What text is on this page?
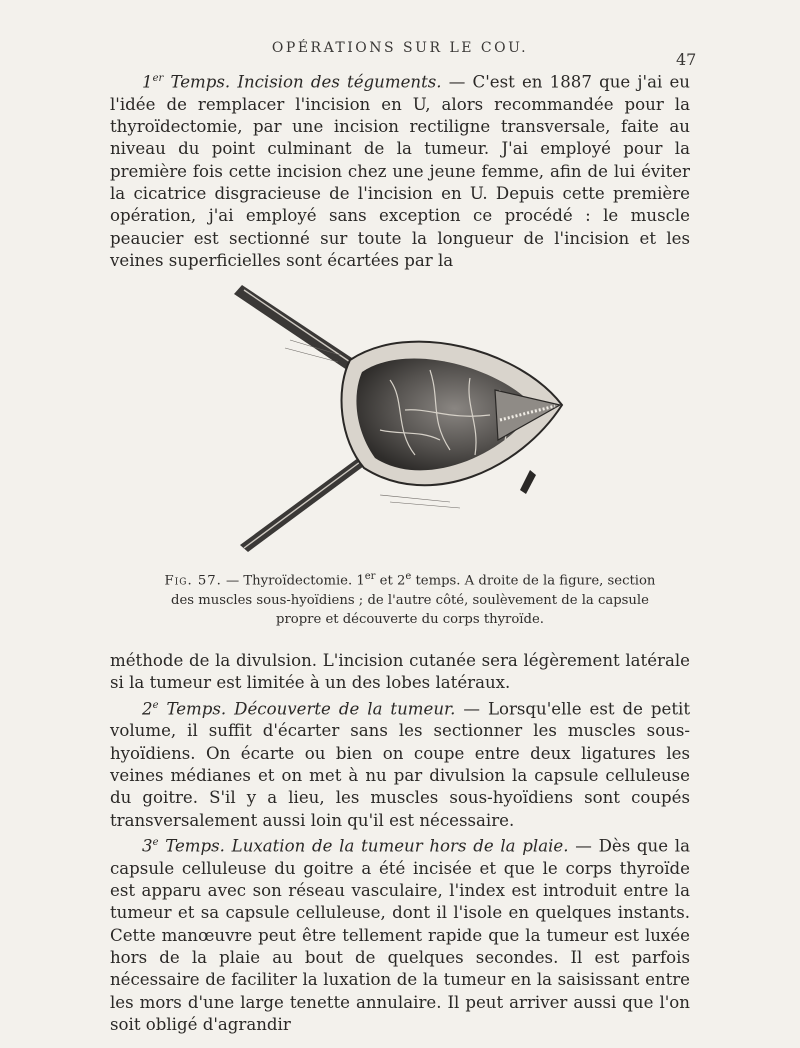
OPÉRATIONS SUR LE COU.
47

1er Temps. Incision des téguments. — C'est en 1887 que j'ai eu l'idée de remplacer l'incision en U, alors recommandée pour la thyroïdectomie, par une incision rectiligne transversale, faite au niveau du point culminant de la tumeur. J'ai employé pour la première fois cette incision chez une jeune femme, afin de lui éviter la cicatrice disgracieuse de l'incision en U. Depuis cette première opération, j'ai employé sans exception ce procédé : le muscle peaucier est sectionné sur toute la longueur de l'incision et les veines superficielles sont écartées par la

Fig. 57. — Thyroïdectomie. 1er et 2e temps. A droite de la figure, section des muscles sous-hyoïdiens ; de l'autre côté, soulèvement de la capsule propre et découverte du corps thyroïde.

méthode de la divulsion. L'incision cutanée sera légèrement latérale si la tumeur est limitée à un des lobes latéraux.

2e Temps. Découverte de la tumeur. — Lorsqu'elle est de petit volume, il suffit d'écarter sans les sectionner les muscles sous-hyoïdiens. On écarte ou bien on coupe entre deux ligatures les veines médianes et on met à nu par divulsion la capsule celluleuse du goitre. S'il y a lieu, les muscles sous-hyoïdiens sont coupés transversalement aussi loin qu'il est nécessaire.

3e Temps. Luxation de la tumeur hors de la plaie. — Dès que la capsule celluleuse du goitre a été incisée et que le corps thyroïde est apparu avec son réseau vasculaire, l'index est introduit entre la tumeur et sa capsule celluleuse, dont il l'isole en quelques instants. Cette manœuvre peut être tellement rapide que la tumeur est luxée hors de la plaie au bout de quelques secondes. Il est parfois nécessaire de faciliter la luxation de la tumeur en la saisissant entre les mors d'une large tenette annulaire. Il peut arriver aussi que l'on soit obligé d'agrandir
